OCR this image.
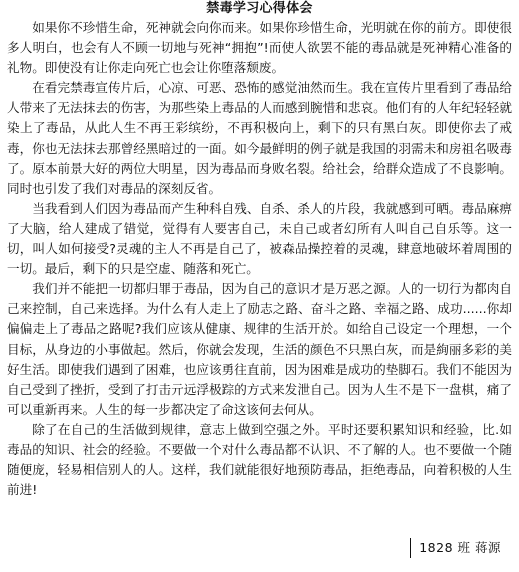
禁毒学习心得体会

如果你不珍惜生命，死神就会向你而来。如果你珍惜生命，光明就在你的前方。即使很多人明白，也会有人不顾一切地与死神“拥抱”!而使人欲罢不能的毒品就是死神精心准备的礼物。即使没有让你走向死亡也会让你堕落颓废。

在看完禁毒宣传片后，心凉、可恶、恐怖的感觉油然而生。我在宣传片里看到了毒品给人带来了无法抹去的伤害，为那些染上毒品的人而感到腕惜和悲哀。他们有的人年纪轻轻就染上了毒品，从此人生不再王彩缤纷，不再积极向上，剩下的只有黑白灰。即使你去了戒毒，你也无法抹去那曾经黑暗过的一面。如今最鲜明的例子就是我国的羽需未和房祖名吸毒了。原本前景大好的两位大明星，因为毒品而身败名裂。给社会，给群众造成了不良影响。同时也引发了我们对毒品的深刻反省。

当我看到人们因为毒品而产生种科自残、自杀、杀人的片段，我就感到可晒。毒品麻痹了大脑，给人建成了错觉，觉得有人要害自己，未自己或者幻所有人叫自己自乐等。这一切，叫人如何接受?灵魂的主人不再是自己了，被森品操控着的灵魂，肆意地破坏着周围的一切。最后，剩下的只是空虚、随落和死亡。

我们并不能把一切都归罪于毒品，因为自己的意识才是万恶之源。人的一切行为都肉自己来控制，自己来选择。为什么有人走上了励志之路、奋斗之路、幸福之路、成功......你却偏偏走上了毒品之路呢?我们应该从健康、规律的生活开於。如给自己设定一个理想，一个目标，从身边的小事做起。然后，你就会发现，生活的颜色不只黑白灰，而是絢丽多彩的美好生活。即使我们遇到了困难，也应该勇往直前，因为困难是成功的垫脚石。我们不能因为自己受到了挫折，受到了打击亓远浮极踪的方式来发泄自己。因为人生不是下一盘棋，痛了可以重新再来。人生的每一步都决定了命这该何去何从。

除了在自己的生活做到规律，意志上做到空强之外。平时还要积累知识和经验，比.如毒品的知识、社会的经验。不要做一个对什么毒品都不认识、不了解的人。也不要做一个随随便庞，轻易相信别人的人。这样，我们就能很好地预防毒品，拒绝毒品，向着积极的人生前进!

1828 班 蒋源
